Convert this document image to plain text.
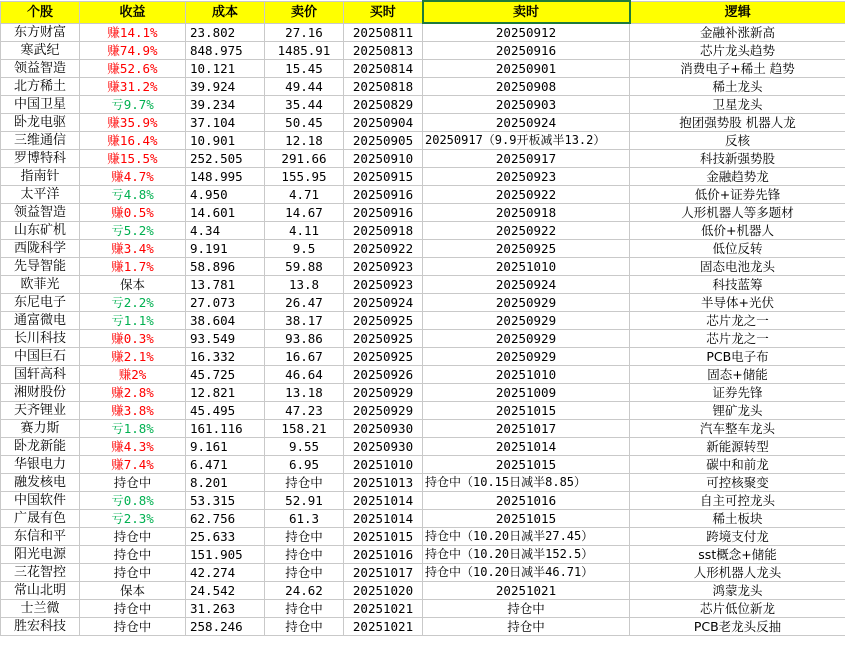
个股	收益	成本	卖价	买时	卖时	逻辑
东方财富	赚14.1%	23.802	27.16	20250811	20250912	金融补涨新高
寒武纪	赚74.9%	848.975	1485.91	20250813	20250916	芯片龙头趋势
领益智造	赚52.6%	10.121	15.45	20250814	20250901	消费电子+稀土 趋势
北方稀土	赚31.2%	39.924	49.44	20250818	20250908	稀土龙头
中国卫星	亏9.7%	39.234	35.44	20250829	20250903	卫星龙头
卧龙电驱	赚35.9%	37.104	50.45	20250904	20250924	抱团强势股 机器人龙
三维通信	赚16.4%	10.901	12.18	20250905	20250917（9.9开板减半13.2）	反核
罗博特科	赚15.5%	252.505	291.66	20250910	20250917	科技新强势股
指南针	赚4.7%	148.995	155.95	20250915	20250923	金融趋势龙
太平洋	亏4.8%	4.950	4.71	20250916	20250922	低价+证券先锋
领益智造	赚0.5%	14.601	14.67	20250916	20250918	人形机器人等多题材
山东矿机	亏5.2%	4.34	4.11	20250918	20250922	低价+机器人
西陇科学	赚3.4%	9.191	9.5	20250922	20250925	低位反转
先导智能	赚1.7%	58.896	59.88	20250923	20251010	固态电池龙头
欧菲光	保本	13.781	13.8	20250923	20250924	科技蓝筹
东尼电子	亏2.2%	27.073	26.47	20250924	20250929	半导体+光伏
通富微电	亏1.1%	38.604	38.17	20250925	20250929	芯片龙之一
长川科技	赚0.3%	93.549	93.86	20250925	20250929	芯片龙之一
中国巨石	赚2.1%	16.332	16.67	20250925	20250929	PCB电子布
国轩高科	赚2%	45.725	46.64	20250926	20251010	固态+储能
湘财股份	赚2.8%	12.821	13.18	20250929	20251009	证券先锋
天齐锂业	赚3.8%	45.495	47.23	20250929	20251015	锂矿龙头
赛力斯	亏1.8%	161.116	158.21	20250930	20251017	汽车整车龙头
卧龙新能	赚4.3%	9.161	9.55	20250930	20251014	新能源转型
华银电力	赚7.4%	6.471	6.95	20251010	20251015	碳中和前龙
融发核电	持仓中	8.201	持仓中	20251013	持仓中（10.15日减半8.85）	可控核聚变
中国软件	亏0.8%	53.315	52.91	20251014	20251016	自主可控龙头
广晟有色	亏2.3%	62.756	61.3	20251014	20251015	稀土板块
东信和平	持仓中	25.633	持仓中	20251015	持仓中（10.20日减半27.45）	跨境支付龙
阳光电源	持仓中	151.905	持仓中	20251016	持仓中（10.20日减半152.5）	sst概念+储能
三花智控	持仓中	42.274	持仓中	20251017	持仓中（10.20日减半46.71）	人形机器人龙头
常山北明	保本	24.542	24.62	20251020	20251021	鸿蒙龙头
士兰微	持仓中	31.263	持仓中	20251021	持仓中	芯片低位新龙
胜宏科技	持仓中	258.246	持仓中	20251021	持仓中	PCB老龙头反抽
